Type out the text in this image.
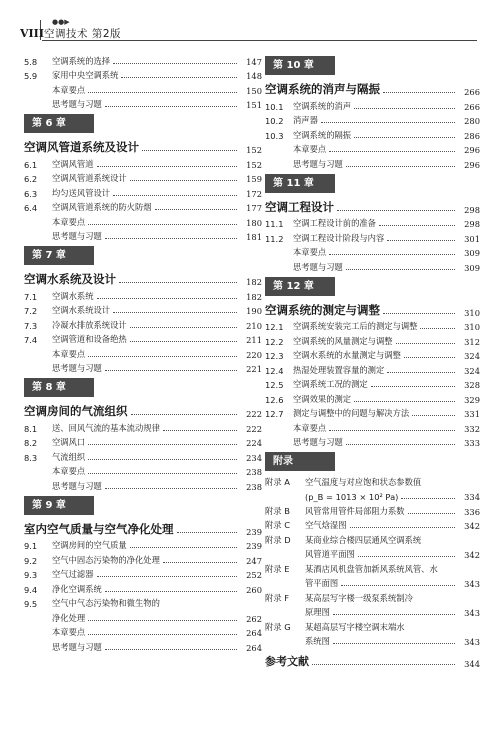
●●▶
VIII 空调技术 第2版
5.8	空调系统的选择	147
5.9	家用中央空调系统	148
本章要点	150
思考题与习题	151
第 6 章
空调风管道系统及设计	152
6.1	空调风管道	152
6.2	空调风管道系统设计	159
6.3	均匀送风管设计	172
6.4	空调风管道系统的防火防烟	177
本章要点	180
思考题与习题	181
第 7 章
空调水系统及设计	182
7.1	空调水系统	182
7.2	空调水系统设计	190
7.3	冷凝水排放系统设计	210
7.4	空调管道和设备绝热	211
本章要点	220
思考题与习题	221
第 8 章
空调房间的气流组织	222
8.1	送、回风气流的基本流动规律	222
8.2	空调风口	224
8.3	气流组织	234
本章要点	238
思考题与习题	238
第 9 章
室内空气质量与空气净化处理	239
9.1	空调房间的空气质量	239
9.2	空气中固态污染物的净化处理	247
9.3	空气过滤器	252
9.4	净化空调系统	260
9.5	空气中气态污染物和微生物的
净化处理	262
本章要点	264
思考题与习题	264
第 10 章
空调系统的消声与隔振	266
10.1	空调系统的消声	266
10.2	消声器	280
10.3	空调系统的隔振	286
本章要点	296
思考题与习题	296
第 11 章
空调工程设计	298
11.1	空调工程设计前的准备	298
11.2	空调工程设计阶段与内容	301
本章要点	309
思考题与习题	309
第 12 章
空调系统的测定与调整	310
12.1	空调系统安装完工后的测定与调整	310
12.2	空调系统的风量测定与调整	312
12.3	空调水系统的水量测定与调整	324
12.4	热湿处理装置容量的测定	324
12.5	空调系统工况的测定	328
12.6	空调效果的测定	329
12.7	测定与调整中的问题与解决方法	331
本章要点	332
思考题与习题	333
附录
附录 A	空气温度与对应饱和状态参数值
(p_B = 1013 × 10² Pa)	334
附录 B	风管常用管件局部阻力系数	336
附录 C	空气焓湿图	342
附录 D	某商业综合楼四层通风空调系统
风管道平面图	342
附录 E	某酒店风机盘管加新风系统风管、水
管平面图	343
附录 F	某高层写字楼一级泵系统制冷
原理图	343
附录 G	某超高层写字楼空调末端水
系统图	343
参考文献	344
